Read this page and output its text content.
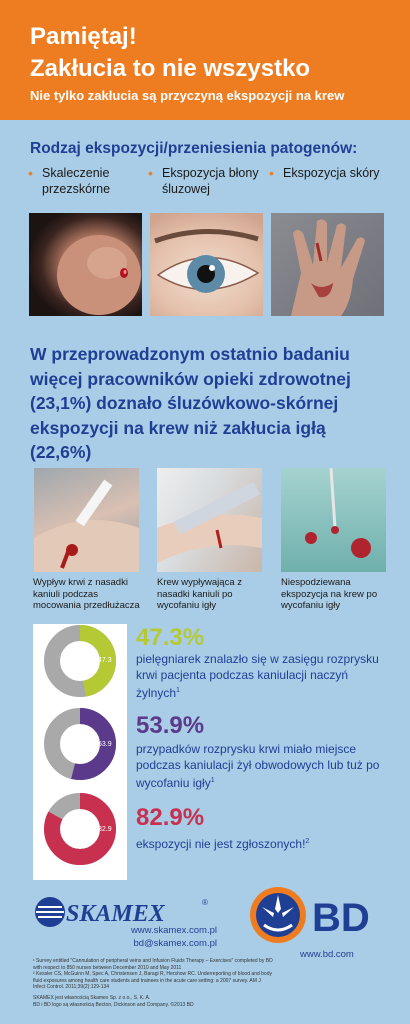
Pamiętaj!
Zakłucia to nie wszystko
Nie tylko zakłucia są przyczyną ekspozycji na krew
Rodzaj ekspozycji/przeniesienia patogenów:
• Skaleczenie przezskórne
• Ekspozycja błony śluzowej
• Ekspozycja skóry
W przeprowadzonym ostatnio badaniu więcej pracowników opieki zdrowotnej (23,1%) doznało śluzówkowo-skórnej ekspozycji na krew niż zakłucia igłą (22,6%)
Wypływ krwi z nasadki kaniuli podczas mocowania przedłużacza
Krew wypływająca z nasadki kaniuli po wycofaniu igły
Niespodziewana ekspozycja na krew po wycofaniu igły
47.3
53.9
82.9
47.3%
pielęgniarek znalazło się w zasięgu rozprysku krwi pacjenta podczas kaniulacji naczyń żylnych$^1$
53.9%
przypadków rozprysku krwi miało miejsce podczas kaniulacji żył obwodowych lub tuż po wycofaniu igły$^1$
82.9%
ekspozycji nie jest zgłoszonych!$^2$
SKAMEX	®
www.skamex.com.pl
bd@skamex.com.pl
BD
www.bd.com
¹ Survey entitled "Cannulation of peripheral veins and Infusion Fluids Therapy – Exercises" completed by BD with respect to 850 nurses between December 2010 and May 2011
² Kessler CS, McGuinn M, Spec A, Christensen J, Baragi R, Hershow RC. Underreporting of blood and body fluid exposures among health care students and trainees in the acute care setting: a 2007 survey. AM J Infect Control. 2011;39(2):129-134
SKAMEX jest własnością Skamex Sp. z o.o., S. K. A.
BD i BD logo są własnością Becton, Dickinson and Company. ©2013 BD
